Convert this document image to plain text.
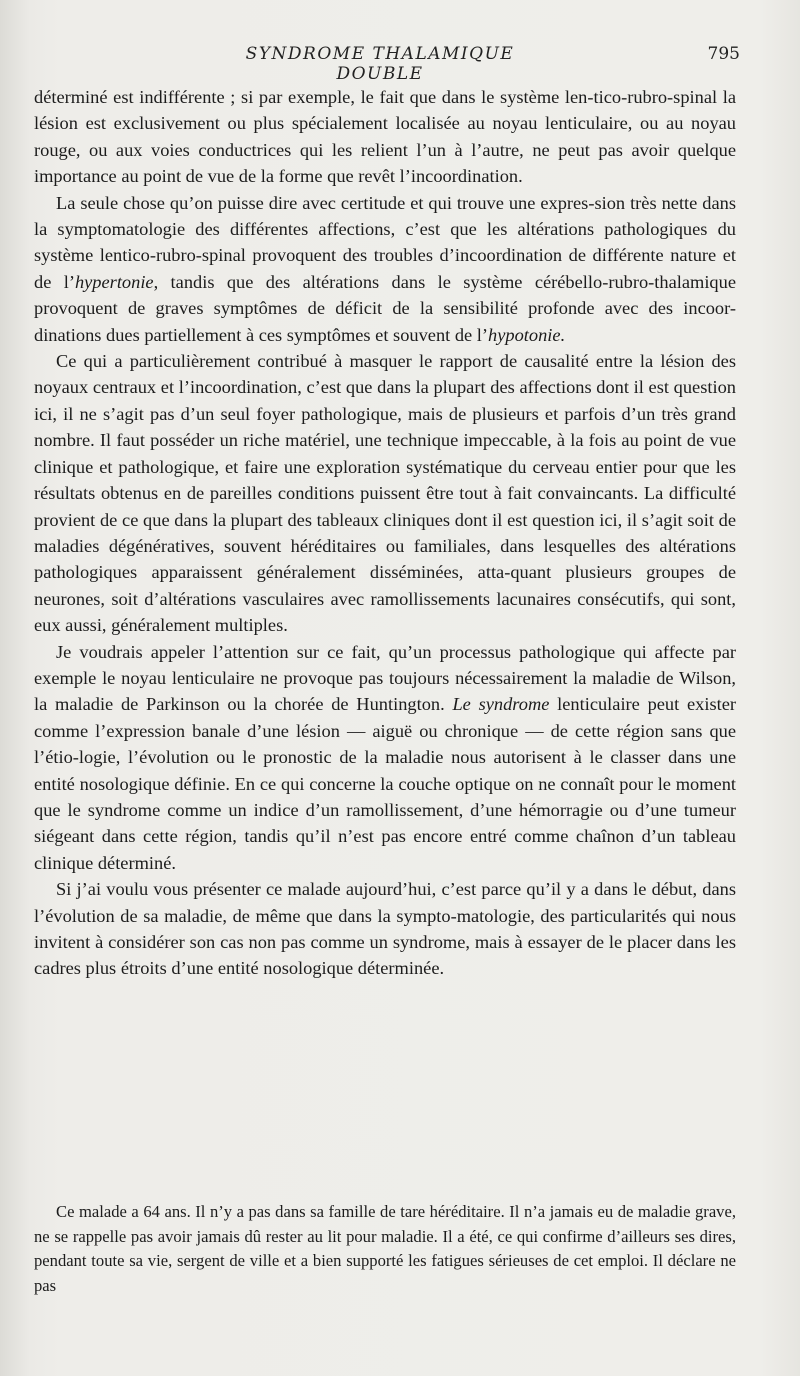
SYNDROME THALAMIQUE DOUBLE
795

déterminé est indifférente ; si par exemple, le fait que dans le système len-tico-rubro-spinal la lésion est exclusivement ou plus spécialement localisée au noyau lenticulaire, ou au noyau rouge, ou aux voies conductrices qui les relient l’un à l’autre, ne peut pas avoir quelque importance au point de vue de la forme que revêt l’incoordination.

La seule chose qu’on puisse dire avec certitude et qui trouve une expres-sion très nette dans la symptomatologie des différentes affections, c’est que les altérations pathologiques du système lentico-rubro-spinal provoquent des troubles d’incoordination de différente nature et de l’hypertonie, tandis que des altérations dans le système cérébello-rubro-thalamique provoquent de graves symptômes de déficit de la sensibilité profonde avec des incoor-dinations dues partiellement à ces symptômes et souvent de l’hypotonie.

Ce qui a particulièrement contribué à masquer le rapport de causalité entre la lésion des noyaux centraux et l’incoordination, c’est que dans la plupart des affections dont il est question ici, il ne s’agit pas d’un seul foyer pathologique, mais de plusieurs et parfois d’un très grand nombre. Il faut posséder un riche matériel, une technique impeccable, à la fois au point de vue clinique et pathologique, et faire une exploration systématique du cerveau entier pour que les résultats obtenus en de pareilles conditions puissent être tout à fait convaincants. La difficulté provient de ce que dans la plupart des tableaux cliniques dont il est question ici, il s’agit soit de maladies dégénératives, souvent héréditaires ou familiales, dans lesquelles des altérations pathologiques apparaissent généralement disséminées, atta-quant plusieurs groupes de neurones, soit d’altérations vasculaires avec ramollissements lacunaires consécutifs, qui sont, eux aussi, généralement multiples.

Je voudrais appeler l’attention sur ce fait, qu’un processus pathologique qui affecte par exemple le noyau lenticulaire ne provoque pas toujours nécessairement la maladie de Wilson, la maladie de Parkinson ou la chorée de Huntington. Le syndrome lenticulaire peut exister comme l’expression banale d’une lésion — aiguë ou chronique — de cette région sans que l’étio-logie, l’évolution ou le pronostic de la maladie nous autorisent à le classer dans une entité nosologique définie. En ce qui concerne la couche optique on ne connaît pour le moment que le syndrome comme un indice d’un ramollissement, d’une hémorragie ou d’une tumeur siégeant dans cette région, tandis qu’il n’est pas encore entré comme chaînon d’un tableau clinique déterminé.

Si j’ai voulu vous présenter ce malade aujourd’hui, c’est parce qu’il y a dans le début, dans l’évolution de sa maladie, de même que dans la sympto-matologie, des particularités qui nous invitent à considérer son cas non pas comme un syndrome, mais à essayer de le placer dans les cadres plus étroits d’une entité nosologique déterminée.

Ce malade a 64 ans. Il n’y a pas dans sa famille de tare héréditaire. Il n’a jamais eu de maladie grave, ne se rappelle pas avoir jamais dû rester au lit pour maladie. Il a été, ce qui confirme d’ailleurs ses dires, pendant toute sa vie, sergent de ville et a bien supporté les fatigues sérieuses de cet emploi. Il déclare ne pas
